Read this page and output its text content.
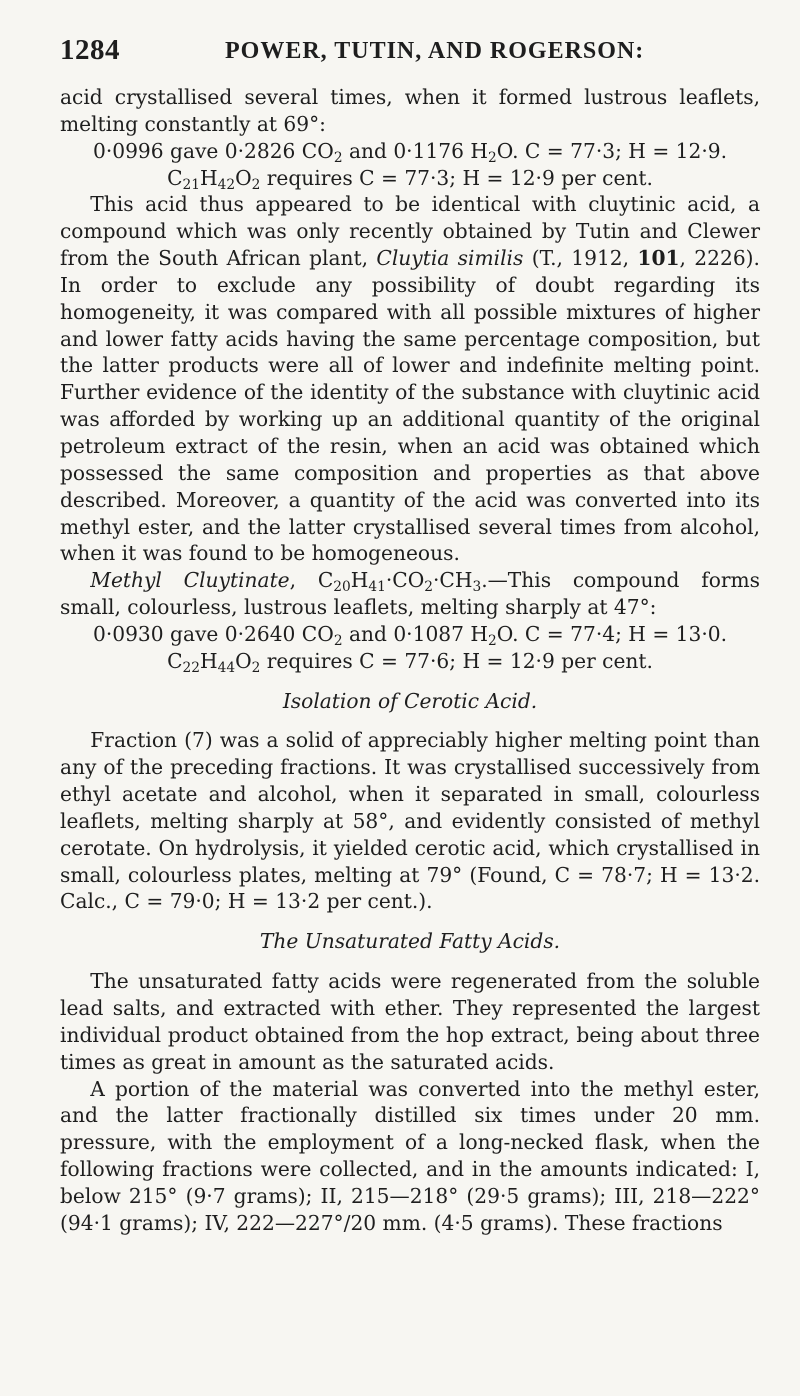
1284	POWER, TUTIN, AND ROGERSON:

acid crystallised several times, when it formed lustrous leaflets, melting constantly at 69°:

0·0996 gave 0·2826 $CO_2$ and 0·1176 $H_2O$. C = 77·3; H = 12·9.

$C_{21}H_{42}O_2$ requires C = 77·3; H = 12·9 per cent.

This acid thus appeared to be identical with cluytinic acid, a compound which was only recently obtained by Tutin and Clewer from the South African plant, Cluytia similis (T., 1912, 101, 2226). In order to exclude any possibility of doubt regarding its homogeneity, it was compared with all possible mixtures of higher and lower fatty acids having the same percentage composition, but the latter products were all of lower and indefinite melting point. Further evidence of the identity of the substance with cluytinic acid was afforded by working up an additional quantity of the original petroleum extract of the resin, when an acid was obtained which possessed the same composition and properties as that above described. Moreover, a quantity of the acid was converted into its methyl ester, and the latter crystallised several times from alcohol, when it was found to be homogeneous.

Methyl Cluytinate, $C_{20}H_{41}\cdot CO_2\cdot CH_3.—This$ compound forms small, colourless, lustrous leaflets, melting sharply at 47°:

0·0930 gave 0·2640 $CO_2$ and 0·1087 $H_2O$. C = 77·4; H = 13·0.

$C_{22}H_{44}O_2$ requires C = 77·6; H = 12·9 per cent.

Isolation of Cerotic Acid.

Fraction (7) was a solid of appreciably higher melting point than any of the preceding fractions. It was crystallised successively from ethyl acetate and alcohol, when it separated in small, colourless leaflets, melting sharply at 58°, and evidently consisted of methyl cerotate. On hydrolysis, it yielded cerotic acid, which crystallised in small, colourless plates, melting at 79° (Found, C = 78·7; H = 13·2. Calc., C = 79·0; H = 13·2 per cent.).

The Unsaturated Fatty Acids.

The unsaturated fatty acids were regenerated from the soluble lead salts, and extracted with ether. They represented the largest individual product obtained from the hop extract, being about three times as great in amount as the saturated acids.

A portion of the material was converted into the methyl ester, and the latter fractionally distilled six times under 20 mm. pressure, with the employment of a long-necked flask, when the following fractions were collected, and in the amounts indicated: I, below 215° (9·7 grams); II, 215—218° (29·5 grams); III, 218—222° (94·1 grams); IV, 222—227°/20 mm. (4·5 grams). These fractions
